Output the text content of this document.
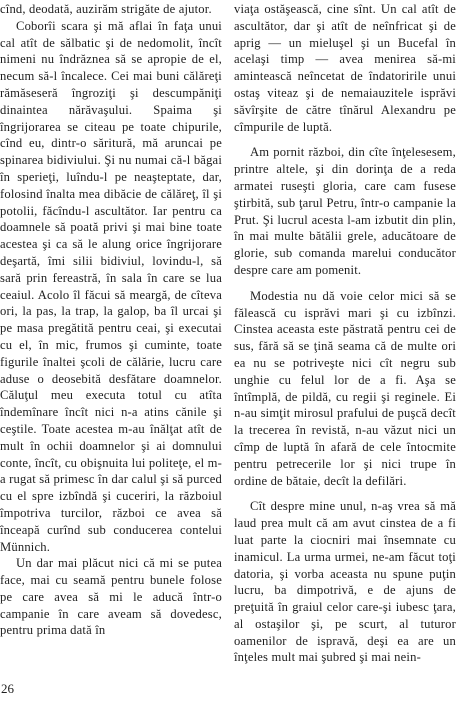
cînd, deodată, auzirăm strigăte de ajutor.

Coborîi scara şi mă aflai în faţa unui cal atît de sălbatic şi de nedomolit, încît nimeni nu îndrăznea să se apropie de el, necum să-l încalece. Cei mai buni călăreţi rămăseseră îngroziţi şi descumpăniţi dinaintea nărăvaşului. Spaima şi îngrijorarea se citeau pe toate chipurile, cînd eu, dintr-o săritură, mă aruncai pe spinarea bidiviului. Şi nu numai că-l băgai în sperieţi, luîndu-l pe neaşteptate, dar, folosind înalta mea dibăcie de călăreţ, îl şi potolii, făcîndu-l ascultător. Iar pentru ca doamnele să poată privi şi mai bine toate acestea şi ca să le alung orice îngrijorare deşartă, îmi silii bidiviul, lovindu-l, să sară prin fereastră, în sala în care se lua ceaiul. Acolo îl făcui să meargă, de cîteva ori, la pas, la trap, la galop, ba îl urcai şi pe masa pregătită pentru ceai, şi executai cu el, în mic, frumos şi cuminte, toate figurile înaltei şcoli de călărie, lucru care aduse o deosebită desfătare doamnelor. Căluţul meu executa totul cu atîta îndemînare încît nici n-a atins cănile şi ceştile. Toate acestea m-au înălţat atît de mult în ochii doamnelor şi ai domnului conte, încît, cu obişnuita lui politeţe, el m-a rugat să primesc în dar calul şi să purced cu el spre izbîndă şi cuceriri, la războiul împotriva turcilor, război ce avea să înceapă curînd sub conducerea contelui Münnich.

Un dar mai plăcut nici că mi se putea face, mai cu seamă pentru bunele folose pe care avea să mi le aducă într-o campanie în care aveam să dovedesc, pentru prima dată în

viaţa ostăşească, cine sînt. Un cal atît de ascultător, dar şi atît de neînfricat şi de aprig — un mieluşel şi un Bucefal în acelaşi timp — avea menirea să-mi amintească neîncetat de îndatoririle unui ostaş viteaz şi de nemaiauzitele isprăvi săvîrşite de către tînărul Alexandru pe cîmpurile de luptă.

Am pornit război, din cîte înţelesesem, printre altele, şi din dorinţa de a reda armatei ruseşti gloria, care cam fusese ştirbită, sub ţarul Petru, într-o campanie la Prut. Şi lucrul acesta l-am izbutit din plin, în mai multe bătălii grele, aducătoare de glorie, sub comanda marelui conducător despre care am pomenit.

Modestia nu dă voie celor mici să se fălească cu isprăvi mari şi cu izbînzi. Cinstea aceasta este păstrată pentru cei de sus, fără să se ţină seama că de multe ori ea nu se potriveşte nici cît negru sub unghie cu felul lor de a fi. Aşa se întîmplă, de pildă, cu regii şi reginele. Ei n-au simţit mirosul prafului de puşcă decît la trecerea în revistă, n-au văzut nici un cîmp de luptă în afară de cele întocmite pentru petrecerile lor şi nici trupe în ordine de bătaie, decît la defilări.

Cît despre mine unul, n-aş vrea să mă laud prea mult că am avut cinstea de a fi luat parte la ciocniri mai însemnate cu inamicul. La urma urmei, ne-am făcut toţi datoria, şi vorba aceasta nu spune puţin lucru, ba dimpotrivă, e de ajuns de preţuită în graiul celor care-şi iubesc ţara, al ostaşilor şi, pe scurt, al tuturor oamenilor de ispravă, deşi ea are un înţeles mult mai şubred şi mai nein-

26
